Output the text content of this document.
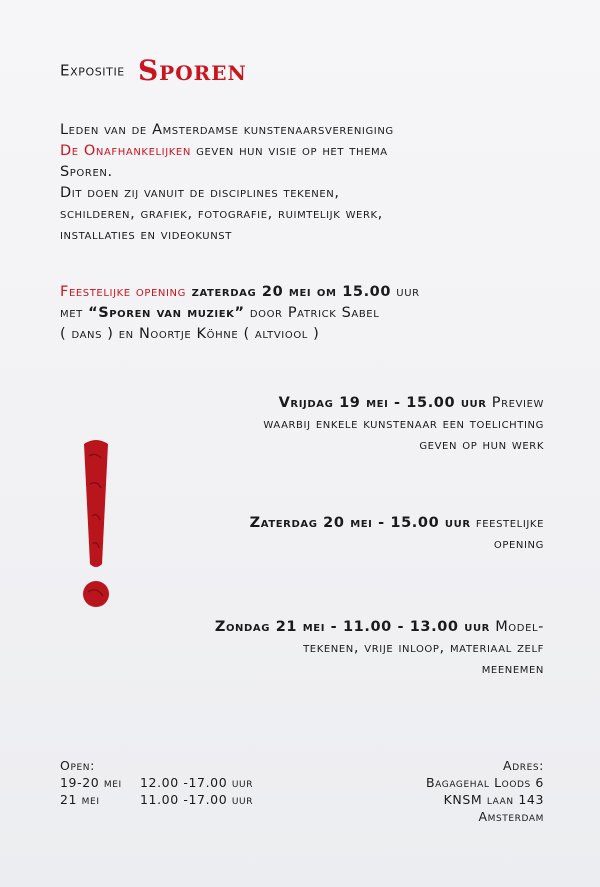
Expositie Sporen
Leden van de Amsterdamse kunstenaarsvereniging
De Onafhankelijken geven hun visie op het thema
Sporen.
Dit doen zij vanuit de disciplines tekenen,
schilderen, grafiek, fotografie, ruimtelijk werk,
installaties en videokunst
Feestelijke opening zaterdag 20 mei om 15.00 uur
met “Sporen van muziek” door Patrick Sabel
( dans ) en Noortje Köhne ( altviool )
Vrijdag 19 mei - 15.00 uur Preview
waarbij enkele kunstenaar een toelichting
geven op hun werk
Zaterdag 20 mei - 15.00 uur feestelijke
opening
Zondag 21 mei - 11.00 - 13.00 uur Model-
tekenen, vrije inloop, materiaal zelf
meenemen
Open:
19-20 mei 12.00 -17.00 uur
21 mei	11.00 -17.00 uur
Adres:
Bagagehal Loods 6
KNSM laan 143
Amsterdam
